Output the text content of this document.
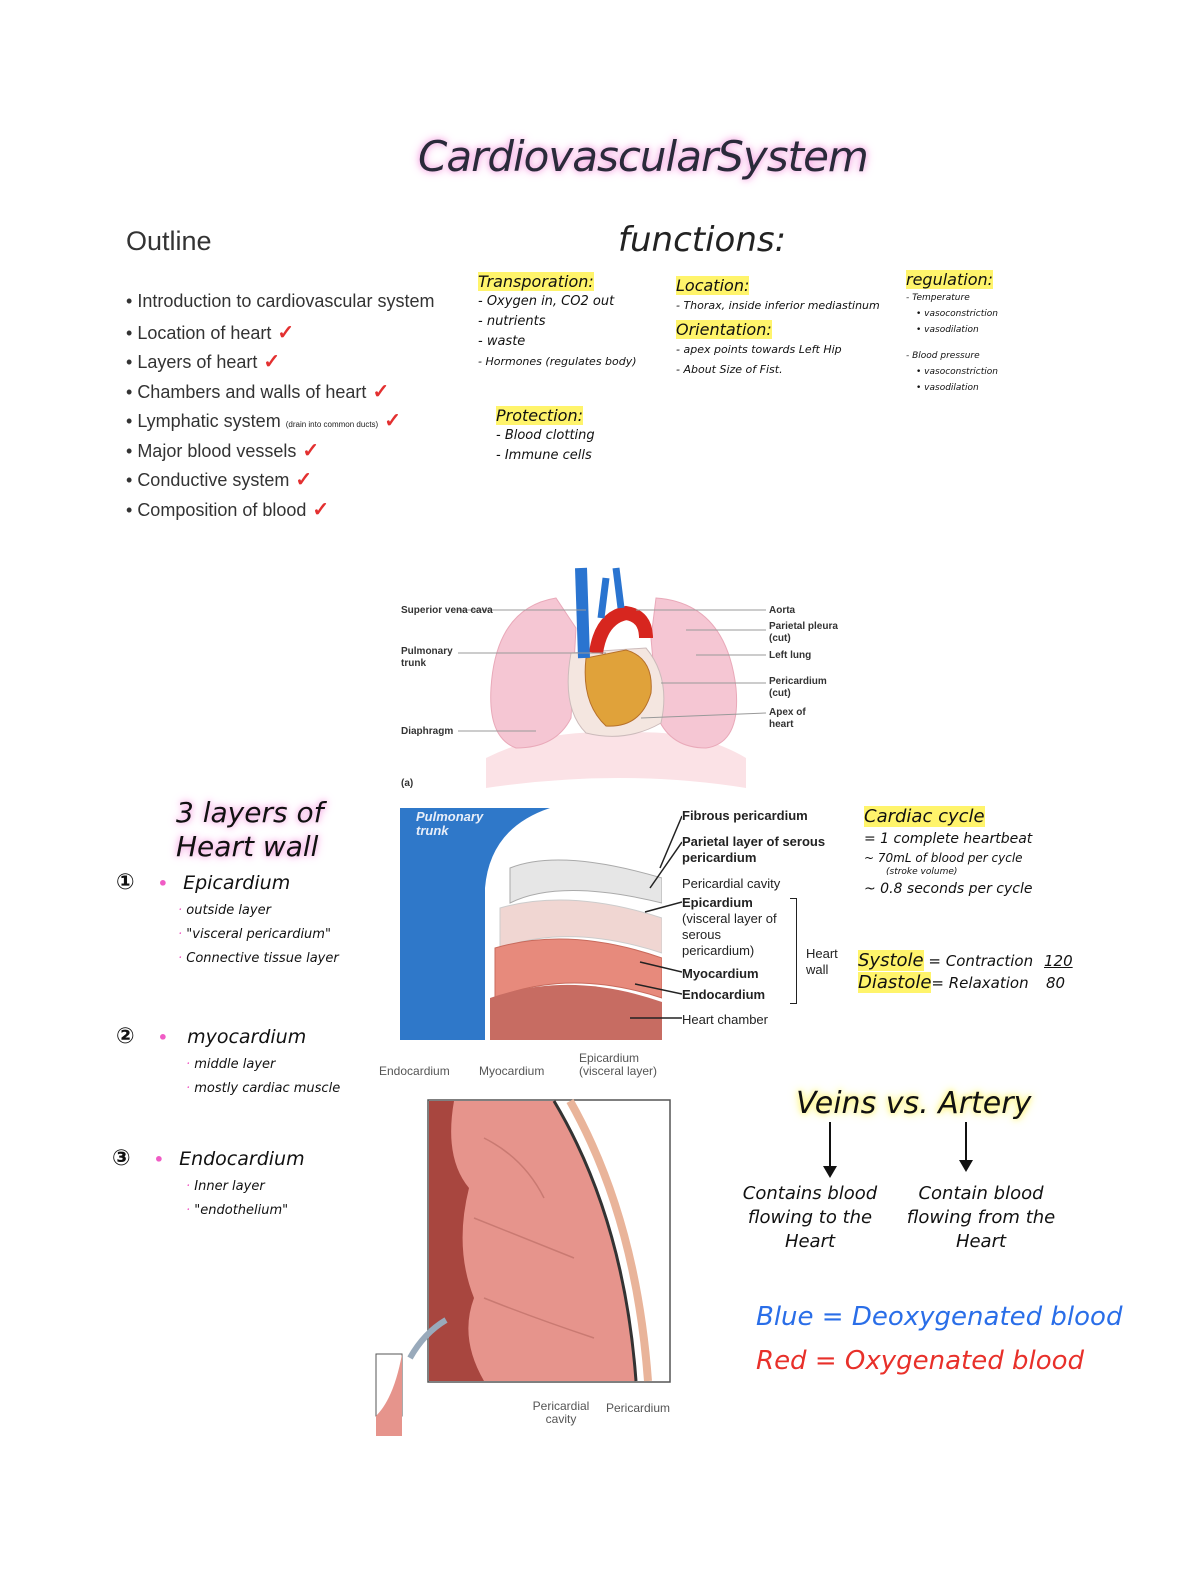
CardiovascularSystem
Outline
• Introduction to cardiovascular system
• Location of heart ✓
• Layers of heart ✓
• Chambers and walls of heart ✓
• Lymphatic system (drain into common ducts) ✓
• Major blood vessels ✓
• Conductive system ✓
• Composition of blood ✓
functions:
Transporation:
- Oxygen in, CO2 out
- nutrients
- waste
- Hormones (regulates body)
Protection:
- Blood clotting
- Immune cells
Location:
- Thorax, inside inferior mediastinum
Orientation:
- apex points towards Left Hip
- About Size of Fist.
regulation:
- Temperature
• vasoconstriction
• vasodilation
- Blood pressure
• vasoconstriction
• vasodilation
Superior vena cava
Pulmonary trunk
Diaphragm
Aorta
Parietal pleura (cut)
Left lung
Pericardium (cut)
Apex of heart
(a)
3 layers of
Heart wall
① • Epicardium
· outside layer
· "visceral pericardium"
· Connective tissue layer
② • myocardium
· middle layer
· mostly cardiac muscle
③ • Endocardium
· Inner layer
· "endothelium"
Pulmonary trunk
Fibrous pericardium
Parietal layer of serous pericardium
Pericardial cavity
Epicardium
(visceral layer of serous pericardium)
Myocardium
Endocardium
Heart chamber
Heart wall
Endocardium Myocardium
Epicardium (visceral layer)
Pericardial cavity
Pericardium
Cardiac cycle
= 1 complete heartbeat
~ 70mL of blood per cycle
(stroke volume)
~ 0.8 seconds per cycle
Systole = Contraction 120
Diastole= Relaxation 80
Veins vs. Artery
Contains blood flowing to the Heart
Contain blood flowing from the Heart
Blue = Deoxygenated blood
Red = Oxygenated blood
